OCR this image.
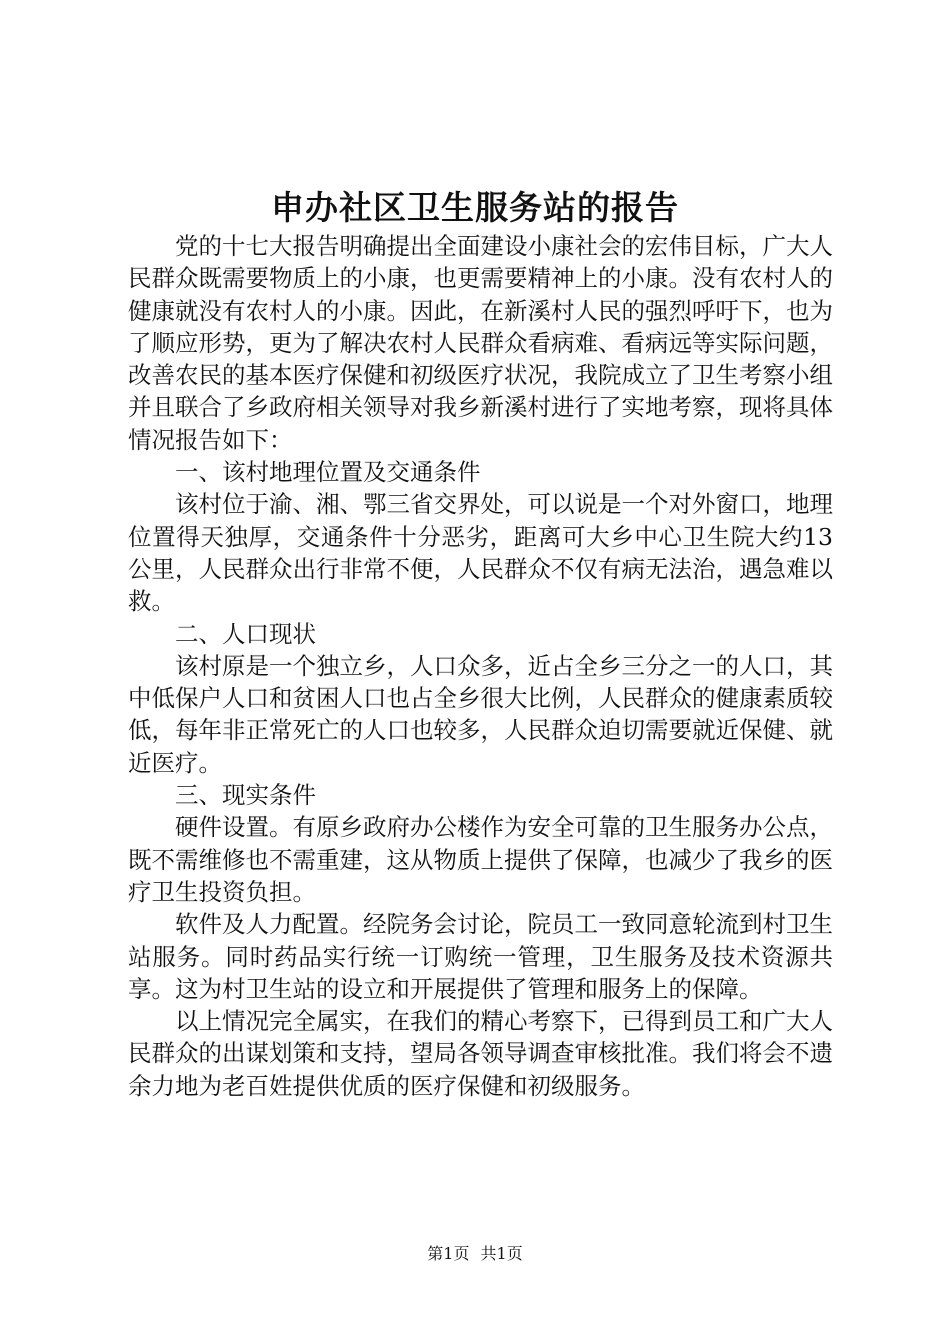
申办社区卫生服务站的报告

党的十七大报告明确提出全面建设小康社会的宏伟目标，广大人民群众既需要物质上的小康，也更需要精神上的小康。没有农村人的健康就没有农村人的小康。因此，在新溪村人民的强烈呼吁下，也为了顺应形势，更为了解决农村人民群众看病难、看病远等实际问题，改善农民的基本医疗保健和初级医疗状况，我院成立了卫生考察小组并且联合了乡政府相关领导对我乡新溪村进行了实地考察，现将具体情况报告如下：

一、该村地理位置及交通条件

该村位于渝、湘、鄂三省交界处，可以说是一个对外窗口，地理位置得天独厚，交通条件十分恶劣，距离可大乡中心卫生院大约13公里，人民群众出行非常不便，人民群众不仅有病无法治，遇急难以救。

二、人口现状

该村原是一个独立乡，人口众多，近占全乡三分之一的人口，其中低保户人口和贫困人口也占全乡很大比例，人民群众的健康素质较低，每年非正常死亡的人口也较多，人民群众迫切需要就近保健、就近医疗。

三、现实条件

硬件设置。有原乡政府办公楼作为安全可靠的卫生服务办公点，既不需维修也不需重建，这从物质上提供了保障，也减少了我乡的医疗卫生投资负担。

软件及人力配置。经院务会讨论，院员工一致同意轮流到村卫生站服务。同时药品实行统一订购统一管理，卫生服务及技术资源共享。这为村卫生站的设立和开展提供了管理和服务上的保障。

以上情况完全属实，在我们的精心考察下，已得到员工和广大人民群众的出谋划策和支持，望局各领导调查审核批准。我们将会不遗余力地为老百姓提供优质的医疗保健和初级服务。

第1页 共1页
